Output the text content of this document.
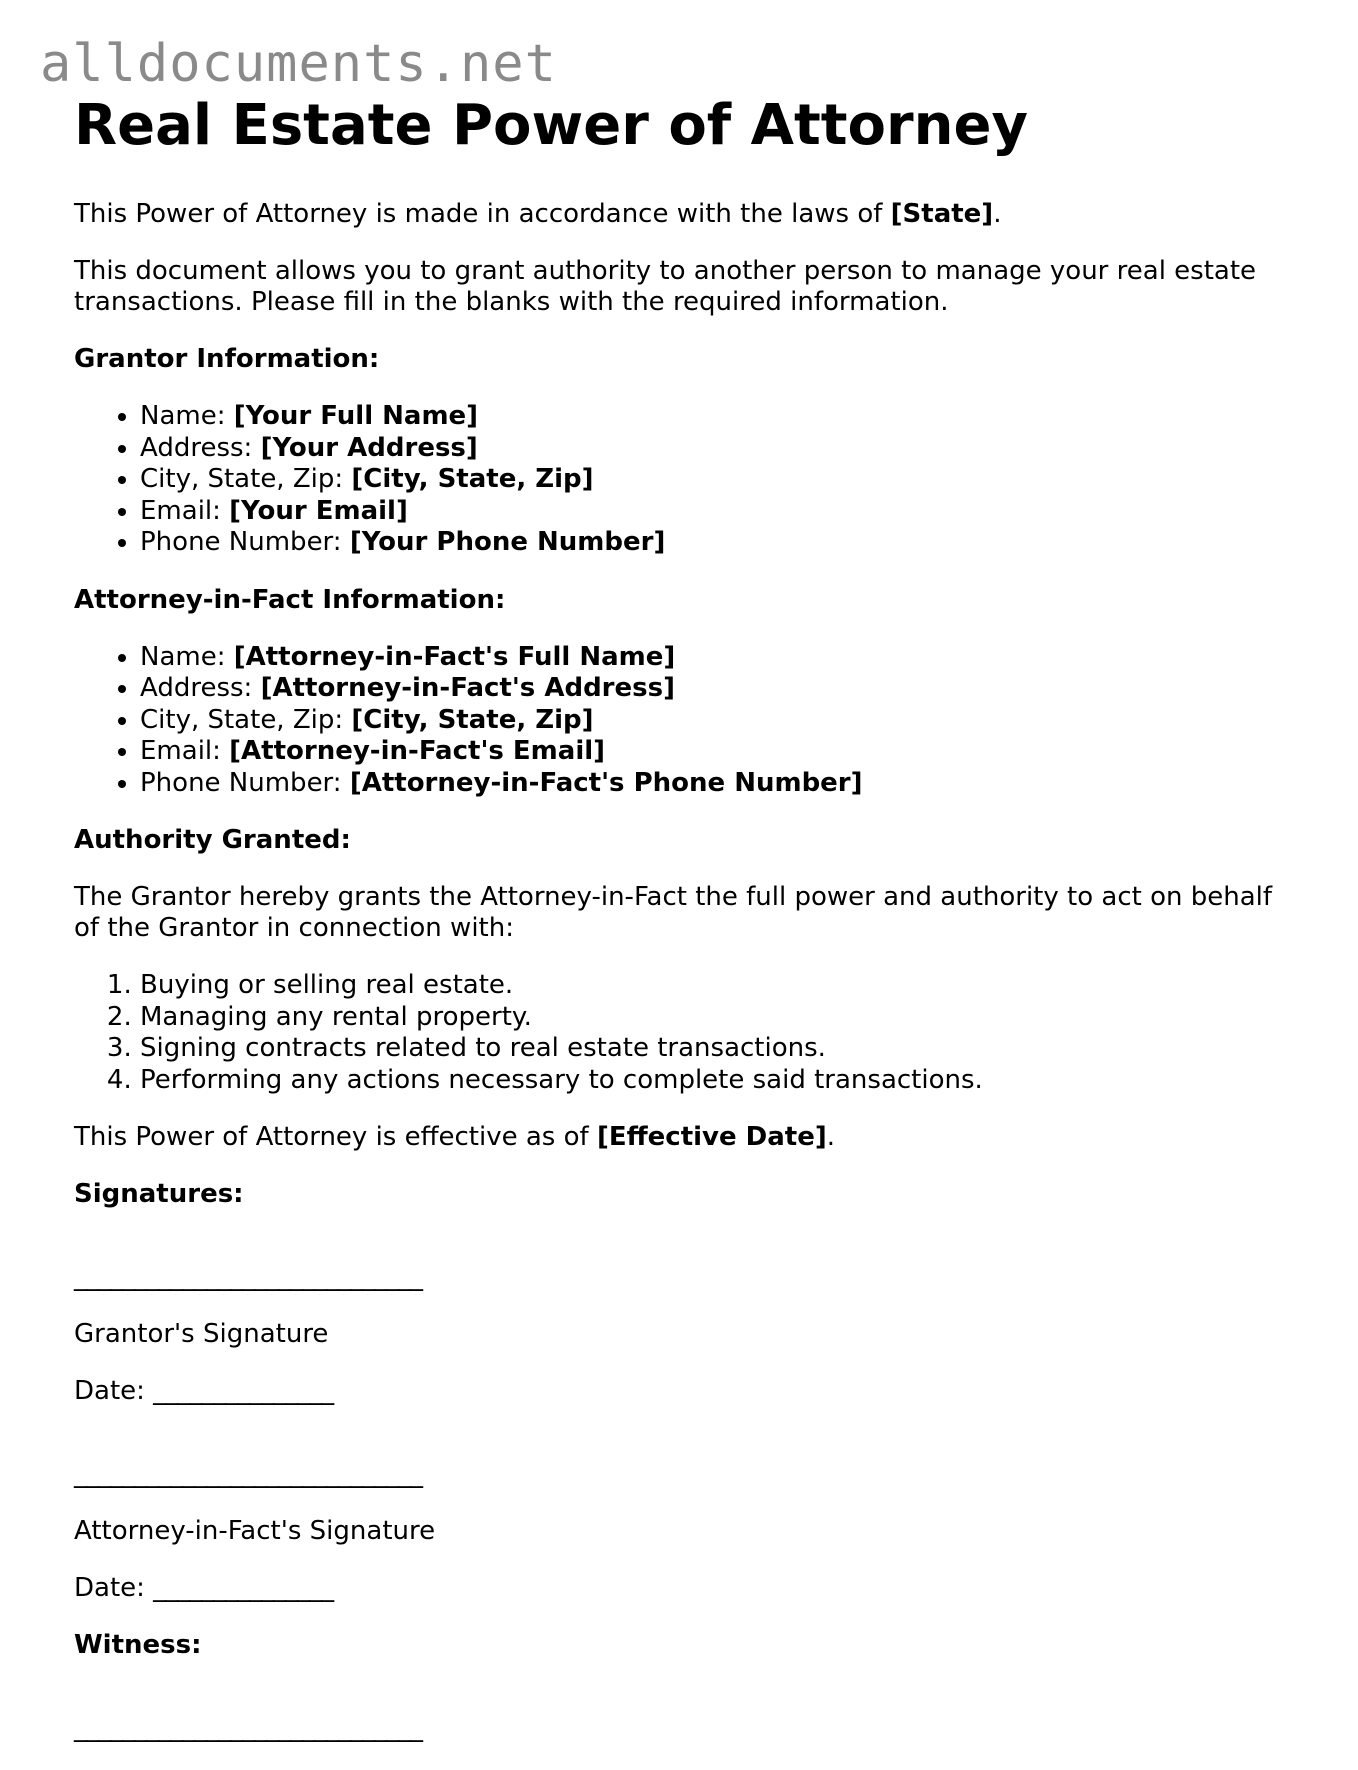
alldocuments.net
Real Estate Power of Attorney

This Power of Attorney is made in accordance with the laws of [State].

This document allows you to grant authority to another person to manage your real estate transactions. Please fill in the blanks with the required information.

Grantor Information:

• Name: [Your Full Name]
• Address: [Your Address]
• City, State, Zip: [City, State, Zip]
• Email: [Your Email]
• Phone Number: [Your Phone Number]

Attorney-in-Fact Information:

• Name: [Attorney-in-Fact's Full Name]
• Address: [Attorney-in-Fact's Address]
• City, State, Zip: [City, State, Zip]
• Email: [Attorney-in-Fact's Email]
• Phone Number: [Attorney-in-Fact's Phone Number]

Authority Granted:

The Grantor hereby grants the Attorney-in-Fact the full power and authority to act on behalf of the Grantor in connection with:

1. Buying or selling real estate.
2. Managing any rental property.
3. Signing contracts related to real estate transactions.
4. Performing any actions necessary to complete said transactions.

This Power of Attorney is effective as of [Effective Date].

Signatures:

_____________________________

Grantor's Signature

Date: _______________

_____________________________

Attorney-in-Fact's Signature

Date: _______________

Witness:

_____________________________
